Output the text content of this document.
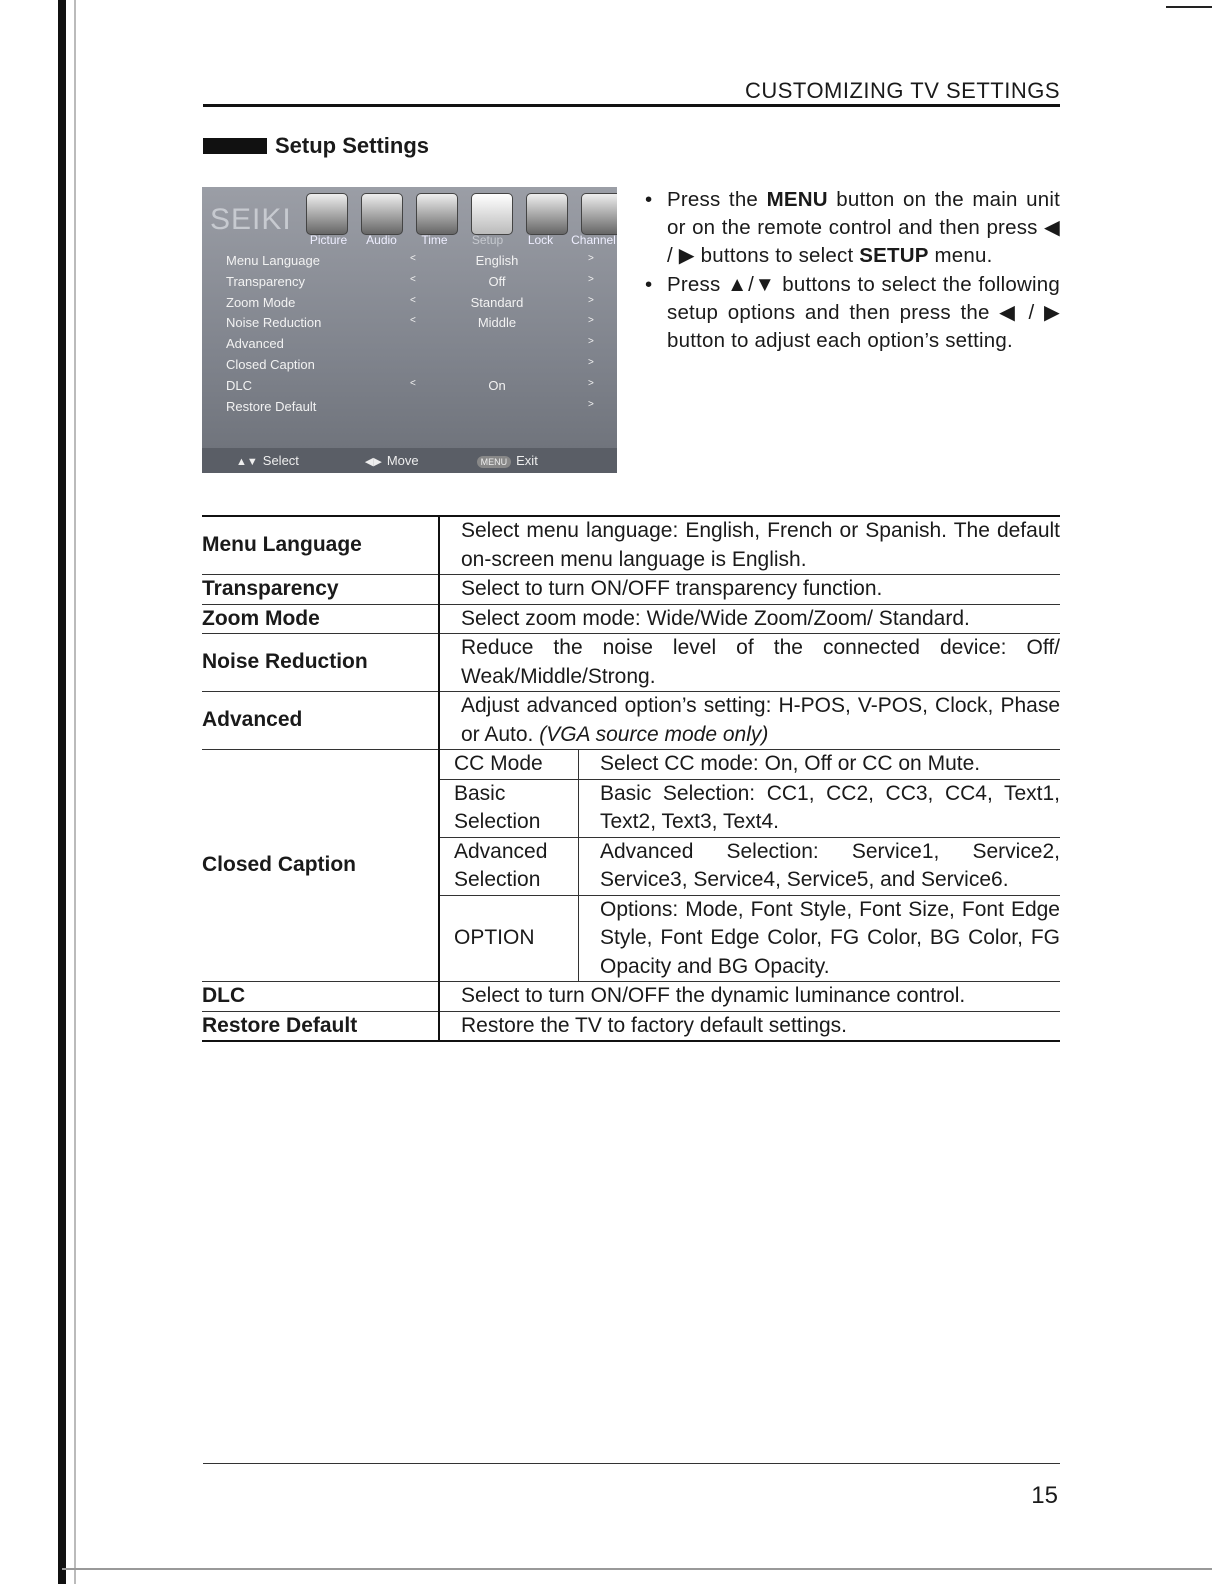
CUSTOMIZING TV SETTINGS
Setup Settings
SEIKI
Picture	Audio	Time	Setup	Lock	Channel
Menu Language	<	English	>
Transparency	<	Off	>
Zoom Mode	<	Standard	>
Noise Reduction	<	Middle	>
Advanced	>
Closed Caption	>
DLC	<	On	>
Restore Default	>
▲▼ Select	◀▶ Move	MENU Exit
• Press the MENU button on the main unit or on the remote control and then press ◀ / ▶ buttons to select SETUP menu.
• Press ▲/▼ buttons to select the following setup options and then press the ◀ / ▶ button to adjust each option’s setting.
Menu Language	Select menu language: English, French or Spanish. The default on-screen menu language is English.
Transparency	Select to turn ON/OFF transparency function.
Zoom Mode	Select zoom mode: Wide/Wide Zoom/Zoom/ Standard.
Noise Reduction	Reduce the noise level of the connected device: Off/ Weak/Middle/Strong.
Advanced	Adjust advanced option’s setting: H-POS, V-POS, Clock, Phase or Auto. (VGA source mode only)
Closed Caption	
CC Mode	Select CC mode: On, Off or CC on Mute.
Basic Selection	Basic Selection: CC1, CC2, CC3, CC4, Text1, Text2, Text3, Text4.
Advanced Selection	Advanced Selection: Service1, Service2, Service3, Service4, Service5, and Service6.
OPTION	Options: Mode, Font Style, Font Size, Font Edge Style, Font Edge Color, FG Color, BG Color, FG Opacity and BG Opacity.

DLC	Select to turn ON/OFF the dynamic luminance control.
Restore Default	Restore the TV to factory default settings.
15
